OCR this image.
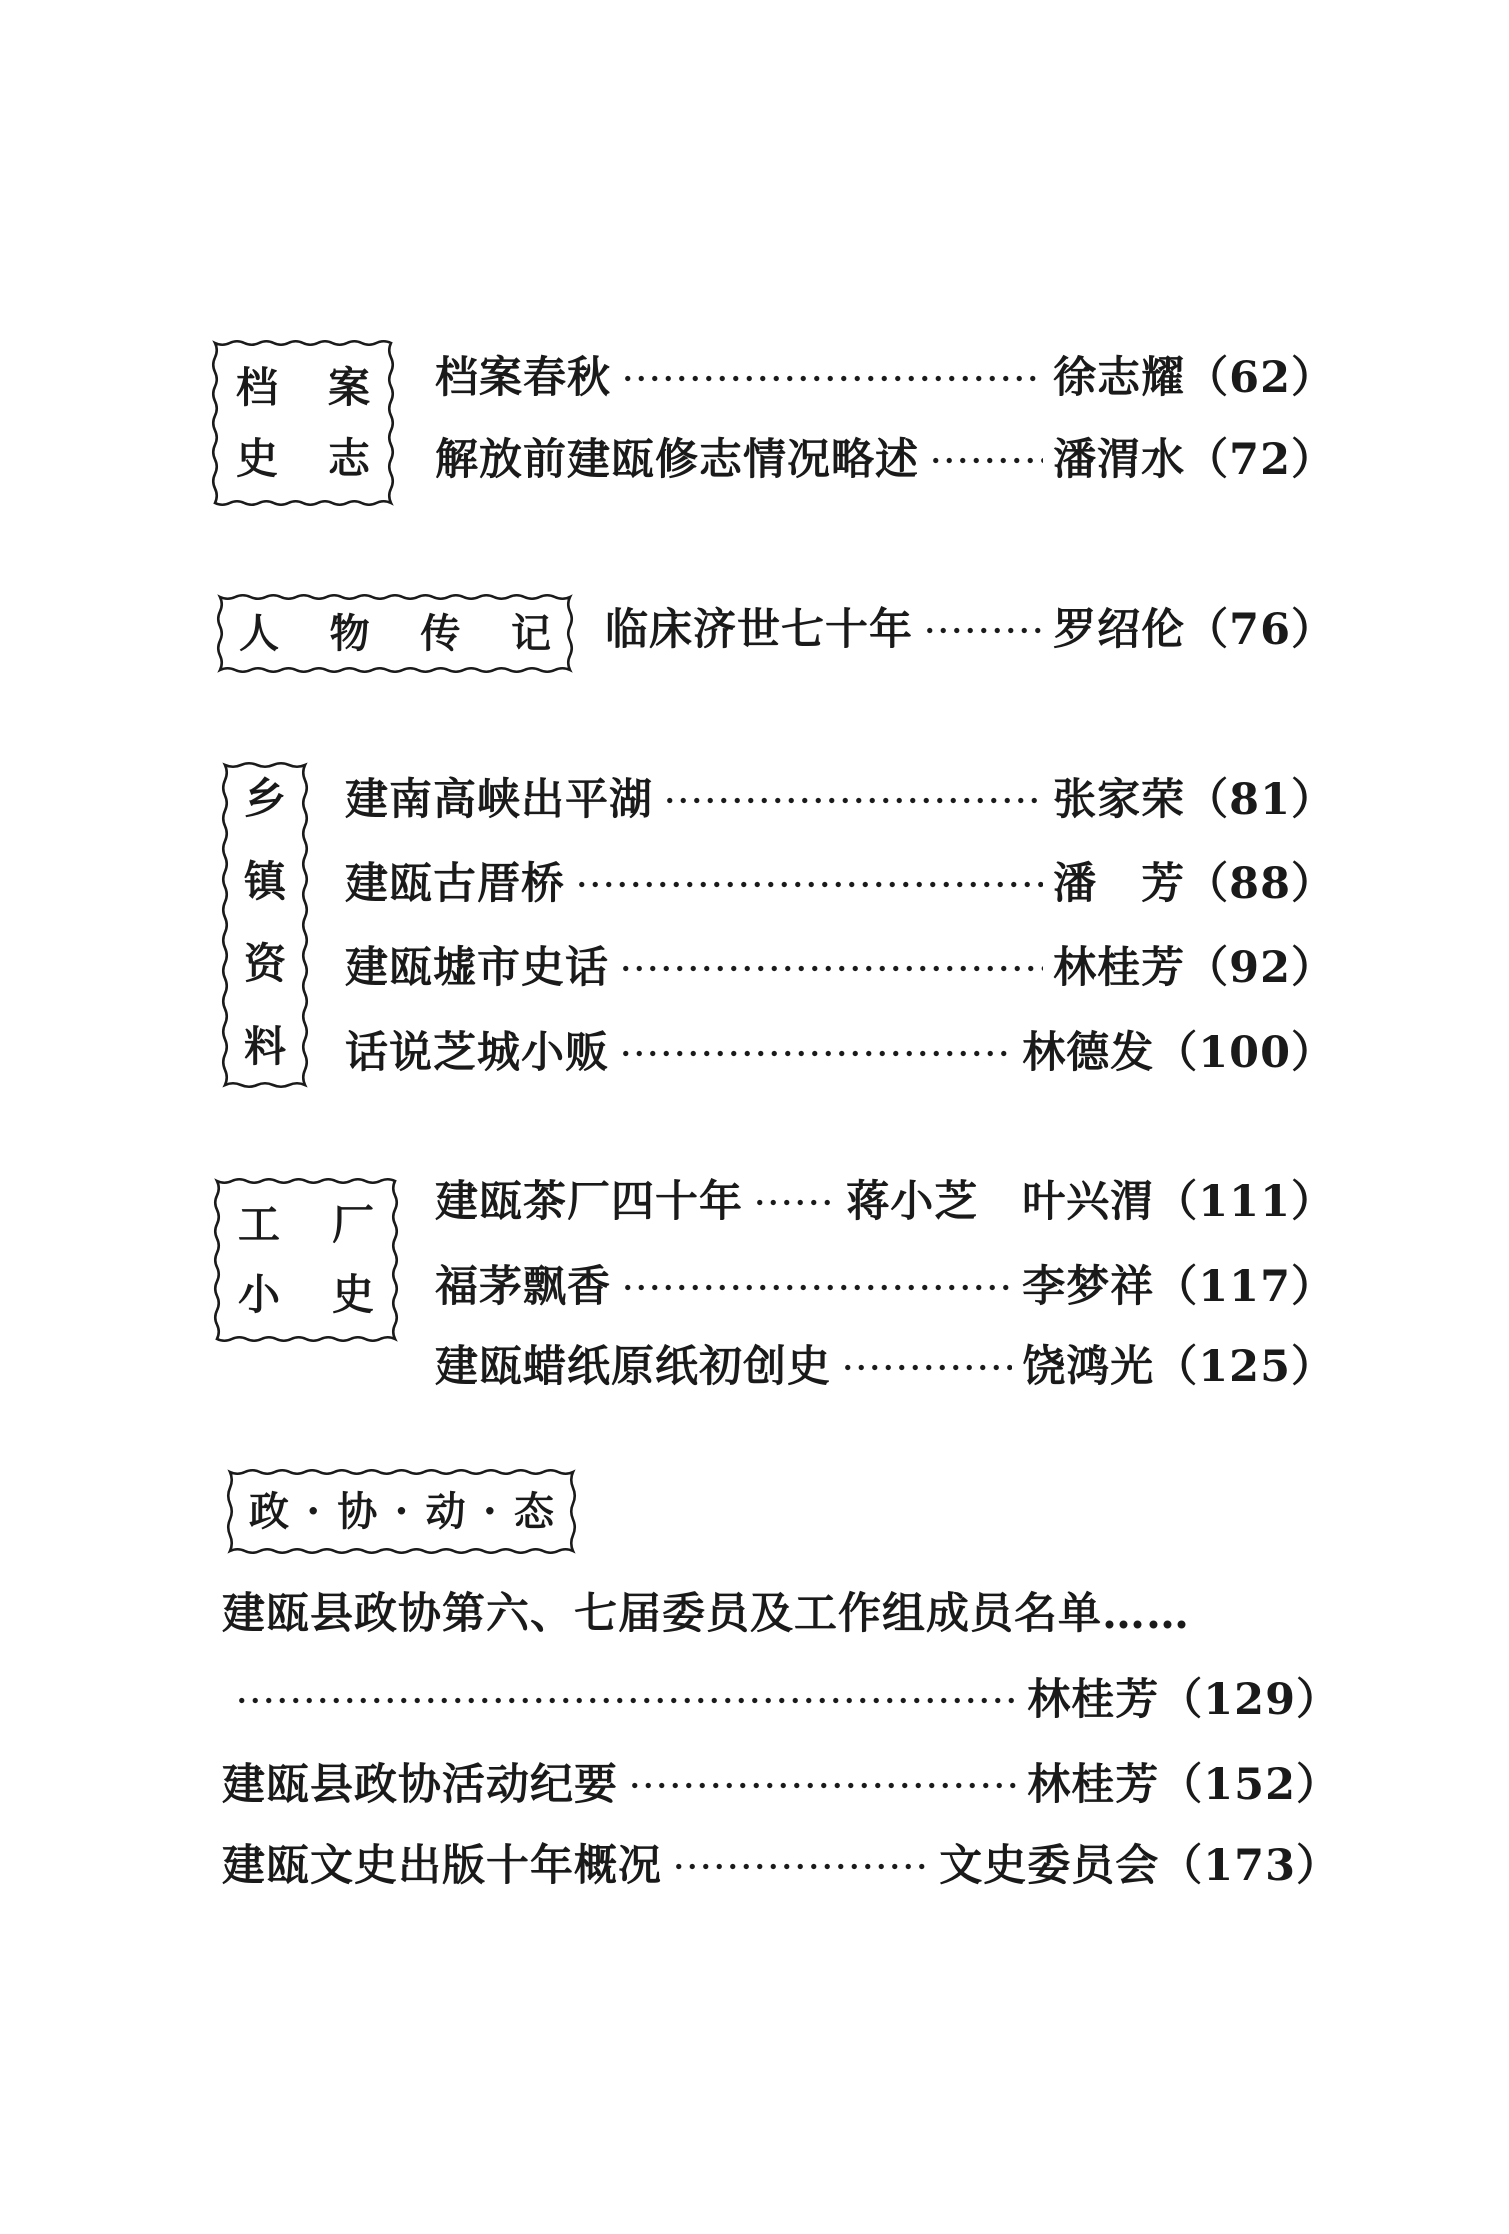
档案
史志
档案春秋	徐志耀 （62）
解放前建瓯修志情况略述	潘渭水 （72）
人物传记 临床济世七十年	罗绍伦 （76）
乡
镇
资
料
建南高峡出平湖	张家荣 （81）
建瓯古厝桥	潘　芳 （88）
建瓯墟市史话	林桂芳 （92）
话说芝城小贩	林德发 （100）
工厂
小史
建瓯茶厂四十年 蒋小芝　叶兴渭 （111）
福茅飘香	李梦祥 （117）
建瓯蜡纸原纸初创史	饶鸿光 （125）
政·协·动·态
建瓯县政协第六、七届委员及工作组成员名单……
林桂芳 （129）
建瓯县政协活动纪要	林桂芳 （152）
建瓯文史出版十年概况	文史委员会 （173）
